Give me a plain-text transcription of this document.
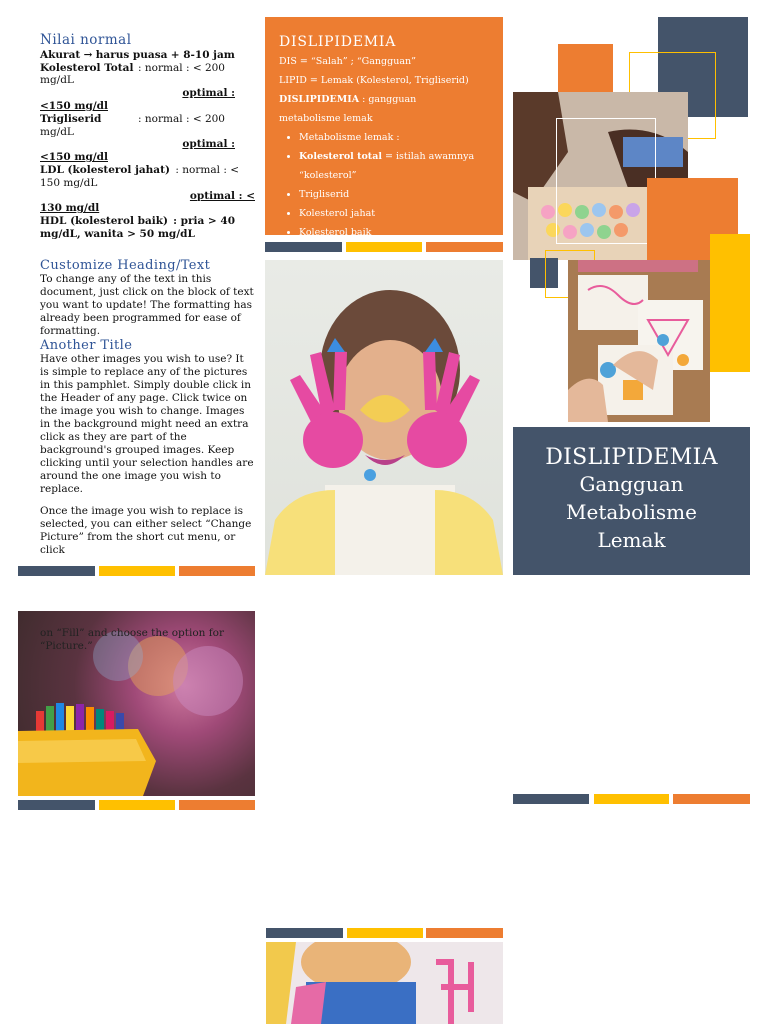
Nilai normal
Akurat → harus puasa + 8-10 jam
Kolesterol Total : normal : < 200
mg/dL
optimal :
<150 mg/dl
Trigliserid	: normal : < 200
mg/dL
optimal :
<150 mg/dl
LDL (kolesterol jahat) : normal : <
150 mg/dL
optimal : <
130 mg/dl
HDL (kolesterol baik) : pria > 40
mg/dL, wanita > 50 mg/dL
Customize Heading/Text

To change any of the text in this document, just click on the block of text you want to update! The formatting has already been programmed for ease of formatting.

Another Title

Have other images you wish to use? It is simple to replace any of the pictures in this pamphlet. Simply double click in the Header of any page. Click twice on the image you wish to change. Images in the background might need an extra click as they are part of the background's grouped images. Keep clicking until your selection handles are around the one image you wish to replace.

Once the image you wish to replace is selected, you can either select “Change Picture” from the short cut menu, or click

on “Fill” and choose the option for “Picture.”
DISLIPIDEMIA
DIS = “Salah” ; “Gangguan”
LIPID = Lemak (Kolesterol, Trigliserid)
DISLIPIDEMIA : gangguan
metabolisme lemak
• Metabolisme lemak :
• Kolesterol total = istilah awamnya “kolesterol”
• Trigliserid
• Kolesterol jahat
• Kolesterol baik
DISLIPIDEMIA
Gangguan
Metabolisme
Lemak
